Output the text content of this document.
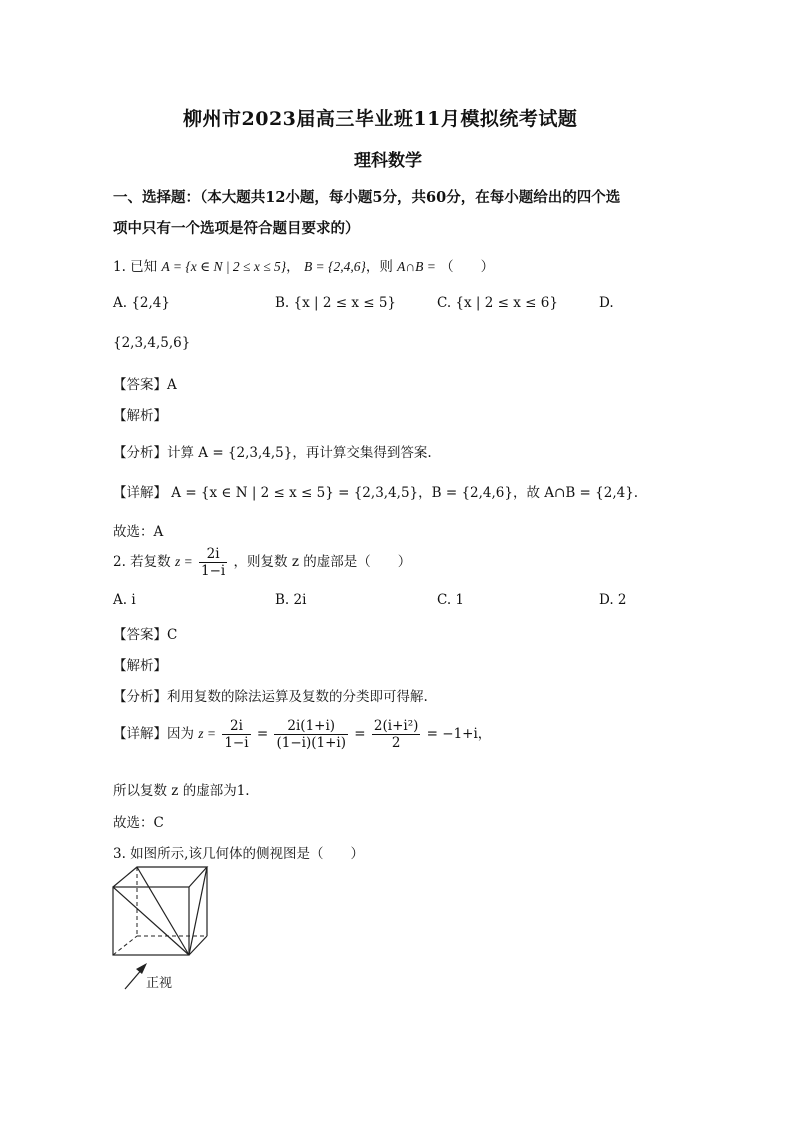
柳州市2023届高三毕业班11月模拟统考试题
理科数学
一、选择题：（本大题共12小题，每小题5分，共60分，在每小题给出的四个选
项中只有一个选项是符合题目要求的）
1. 已知 A = {x ∈ N | 2 ≤ x ≤ 5}， B = {2,4,6}，则 A∩B = （　　）
A. {2,4}	B. {x | 2 ≤ x ≤ 5}	C. {x | 2 ≤ x ≤ 6}	D.
{2,3,4,5,6}
【答案】A
【解析】
【分析】计算 A = {2,3,4,5}，再计算交集得到答案.
【详解】 A = {x ∈ N | 2 ≤ x ≤ 5} = {2,3,4,5}，B = {2,4,6}，故 A∩B = {2,4}.
故选：A
2. 若复数 $z = \frac{2i}{1-i}$ ，则复数 z 的虚部是（　　）
A. i	B. 2i	C. 1	D. 2
【答案】C
【解析】
【分析】利用复数的除法运算及复数的分类即可得解.
【详解】因为 $z = \frac{2i}{1-i} = \frac{2i(1+i)}{(1-i)(1+i)} = \frac{\text{2(i+i²)}}{2} = -1+i$，
所以复数 z 的虚部为1.
故选：C
3. 如图所示,该几何体的侧视图是（　　）
正视
